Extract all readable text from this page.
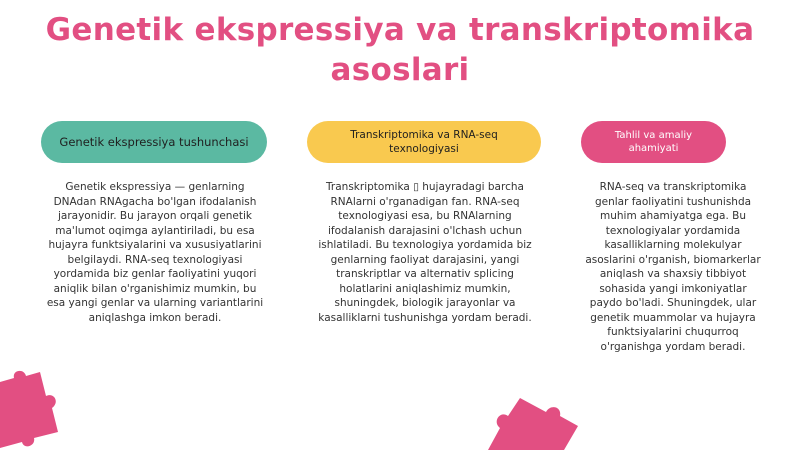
Genetik ekspressiya va transkriptomika asoslari
Genetik ekspressiya tushunchasi	Transkriptomika va RNA-seq texnologiyasi
Tahlil va amaliy ahamiyati
Genetik ekspressiya — genlarning DNAdan RNAgacha bo'lgan ifodalanish jarayonidir. Bu jarayon orqali genetik ma'lumot oqimga aylantiriladi, bu esa hujayra funktsiyalarini va xususiyatlarini belgilaydi. RNA-seq texnologiyasi yordamida biz genlar faoliyatini yuqori aniqlik bilan o'rganishimiz mumkin, bu esa yangi genlar va ularning variantlarini aniqlashga imkon beradi.
Transkriptomika ▯ hujayradagi barcha RNAlarni o'rganadigan fan. RNA-seq texnologiyasi esa, bu RNAlarning ifodalanish darajasini o'lchash uchun ishlatiladi. Bu texnologiya yordamida biz genlarning faoliyat darajasini, yangi transkriptlar va alternativ splicing holatlarini aniqlashimiz mumkin, shuningdek, biologik jarayonlar va kasalliklarni tushunishga yordam beradi.
RNA-seq va transkriptomika genlar faoliyatini tushunishda muhim ahamiyatga ega. Bu texnologiyalar yordamida kasalliklarning molekulyar asoslarini o'rganish, biomarkerlar aniqlash va shaxsiy tibbiyot sohasida yangi imkoniyatlar paydo bo'ladi. Shuningdek, ular genetik muammolar va hujayra funktsiyalarini chuqurroq o'rganishga yordam beradi.
